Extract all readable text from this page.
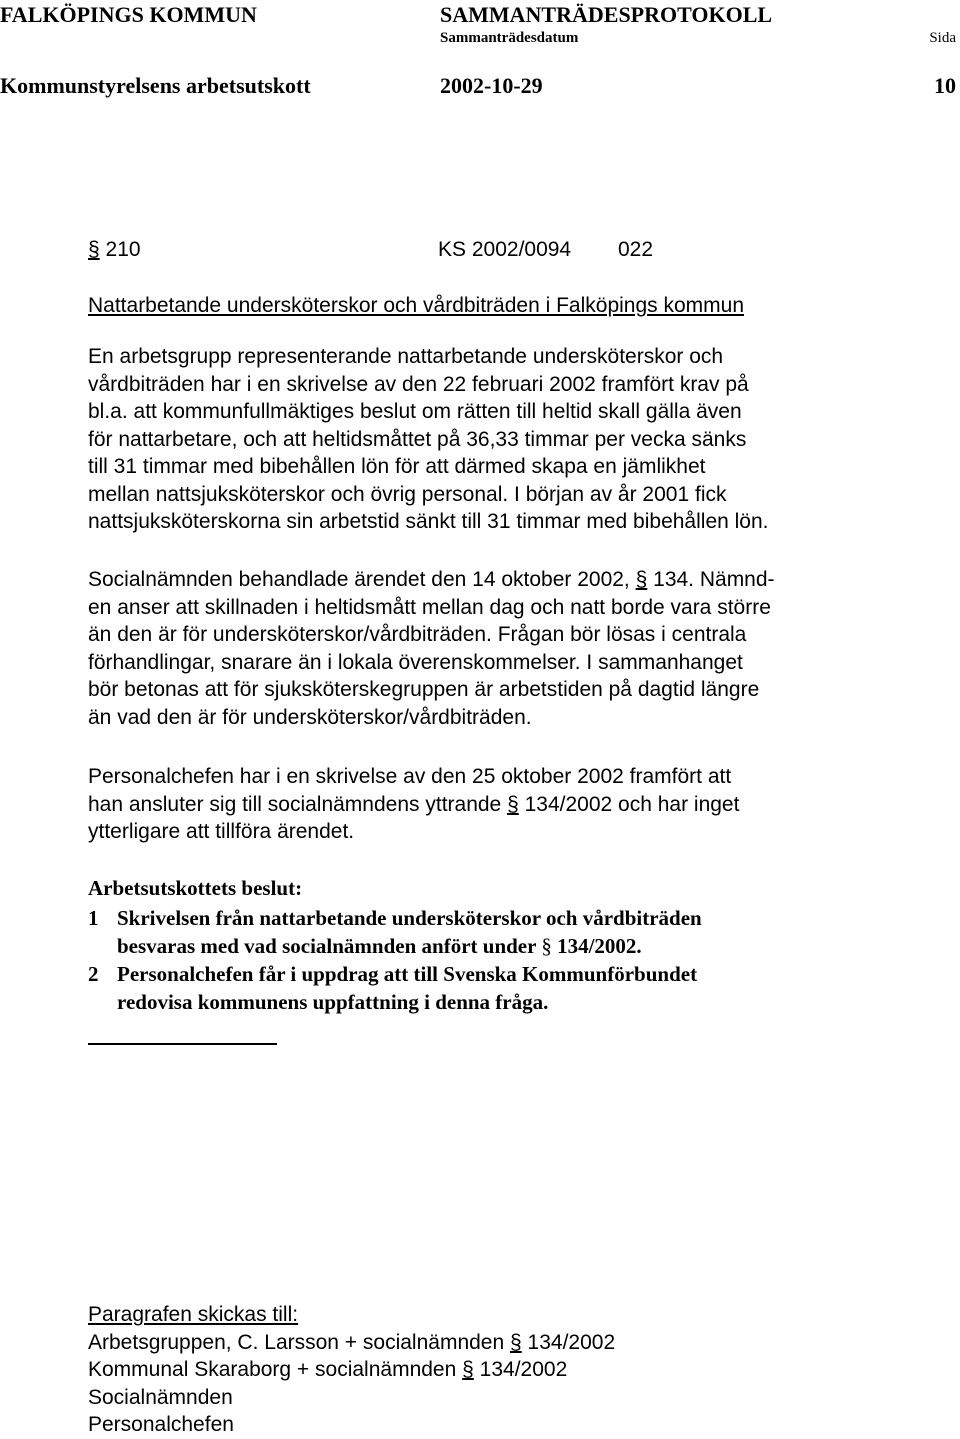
FALKÖPINGS KOMMUN	SAMMANTRÄDESPROTOKOLL
Sammanträdesdatum	Sida
Kommunstyrelsens arbetsutskott	2002-10-29	10
§ 210	KS 2002/0094 022
Nattarbetande undersköterskor och vårdbiträden i Falköpings kommun

En arbetsgrupp representerande nattarbetande undersköterskor och

vårdbiträden har i en skrivelse av den 22 februari 2002 framfört krav på

bl.a. att kommunfullmäktiges beslut om rätten till heltid skall gälla även

för nattarbetare, och att heltidsmåttet på 36,33 timmar per vecka sänks

till 31 timmar med bibehållen lön för att därmed skapa en jämlikhet

mellan nattsjuksköterskor och övrig personal. I början av år 2001 fick

nattsjuksköterskorna sin arbetstid sänkt till 31 timmar med bibehållen lön.

Socialnämnden behandlade ärendet den 14 oktober 2002, § 134. Nämnd-

en anser att skillnaden i heltidsmått mellan dag och natt borde vara större

än den är för undersköterskor/vårdbiträden. Frågan bör lösas i centrala

förhandlingar, snarare än i lokala överenskommelser. I sammanhanget

bör betonas att för sjuksköterskegruppen är arbetstiden på dagtid längre

än vad den är för undersköterskor/vårdbiträden.

Personalchefen har i en skrivelse av den 25 oktober 2002 framfört att

han ansluter sig till socialnämndens yttrande § 134/2002 och har inget

ytterligare att tillföra ärendet.

Arbetsutskottets beslut:
1 Skrivelsen från nattarbetande undersköterskor och vårdbiträden
besvaras med vad socialnämnden anfört under § 134/2002.
2 Personalchefen får i uppdrag att till Svenska Kommunförbundet
redovisa kommunens uppfattning i denna fråga.

Paragrafen skickas till:

Arbetsgruppen, C. Larsson + socialnämnden § 134/2002

Kommunal Skaraborg + socialnämnden § 134/2002

Socialnämnden

Personalchefen
